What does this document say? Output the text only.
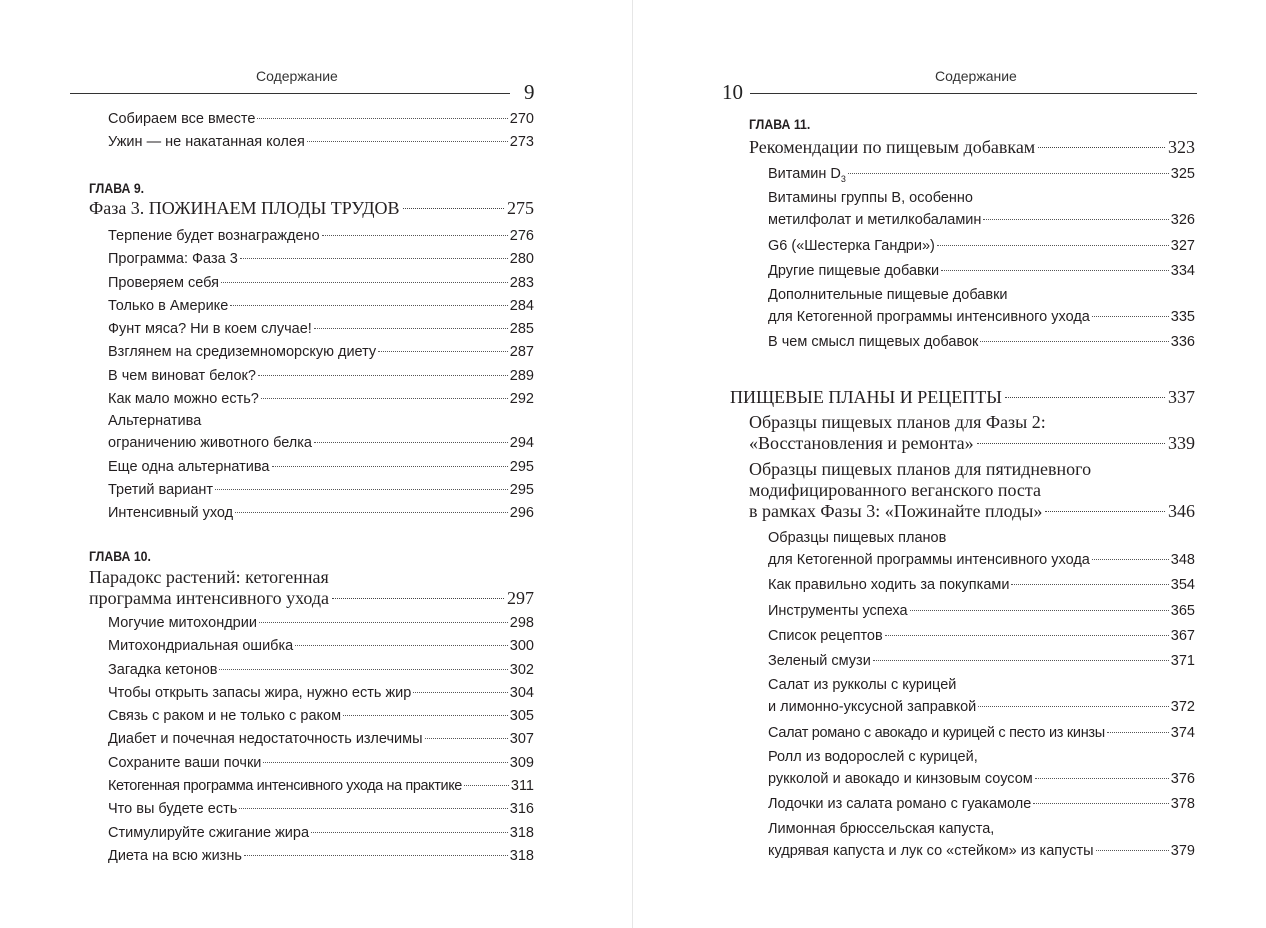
Содержание
9
Собираем все вместе	270
Ужин — не накатанная колея	273
ГЛАВА 9.
Фаза 3. ПОЖИНАЕМ ПЛОДЫ ТРУДОВ	275
Терпение будет вознаграждено	276
Программа: Фаза 3	280
Проверяем себя	283
Только в Америке	284
Фунт мяса? Ни в коем случае!	285
Взглянем на средиземноморскую диету	287
В чем виноват белок?	289
Как мало можно есть?	292
Альтернатива
ограничению животного белка	294
Еще одна альтернатива	295
Третий вариант	295
Интенсивный уход	296
ГЛАВА 10.
Парадокс растений: кетогенная
программа интенсивного ухода	297
Могучие митохондрии	298
Митохондриальная ошибка	300
Загадка кетонов	302
Чтобы открыть запасы жира, нужно есть жир	304
Связь с раком и не только с раком	305
Диабет и почечная недостаточность излечимы	307
Сохраните ваши почки	309
Кетогенная программа интенсивного ухода на практике	311
Что вы будете есть	316
Стимулируйте сжигание жира	318
Диета на всю жизнь	318
Содержание
10
ГЛАВА 11.
Рекомендации по пищевым добавкам	323
Витамин $D_3$	325
Витамины группы В, особенно
метилфолат и метилкобаламин	326
G6 («Шестерка Гандри»)	327
Другие пищевые добавки	334
Дополнительные пищевые добавки
для Кетогенной программы интенсивного ухода	335
В чем смысл пищевых добавок	336
ПИЩЕВЫЕ ПЛАНЫ И РЕЦЕПТЫ	337
Образцы пищевых планов для Фазы 2:
«Восстановления и ремонта»	339
Образцы пищевых планов для пятидневного
модифицированного веганского поста
в рамках Фазы 3: «Пожинайте плоды»	346
Образцы пищевых планов
для Кетогенной программы интенсивного ухода	348
Как правильно ходить за покупками	354
Инструменты успеха	365
Список рецептов	367
Зеленый смузи	371
Салат из рукколы с курицей
и лимонно-уксусной заправкой	372
Салат романо с авокадо и курицей с песто из кинзы	374
Ролл из водорослей с курицей,
рукколой и авокадо и кинзовым соусом	376
Лодочки из салата романо с гуакамоле	378
Лимонная брюссельская капуста,
кудрявая капуста и лук со «стейком» из капусты	379
